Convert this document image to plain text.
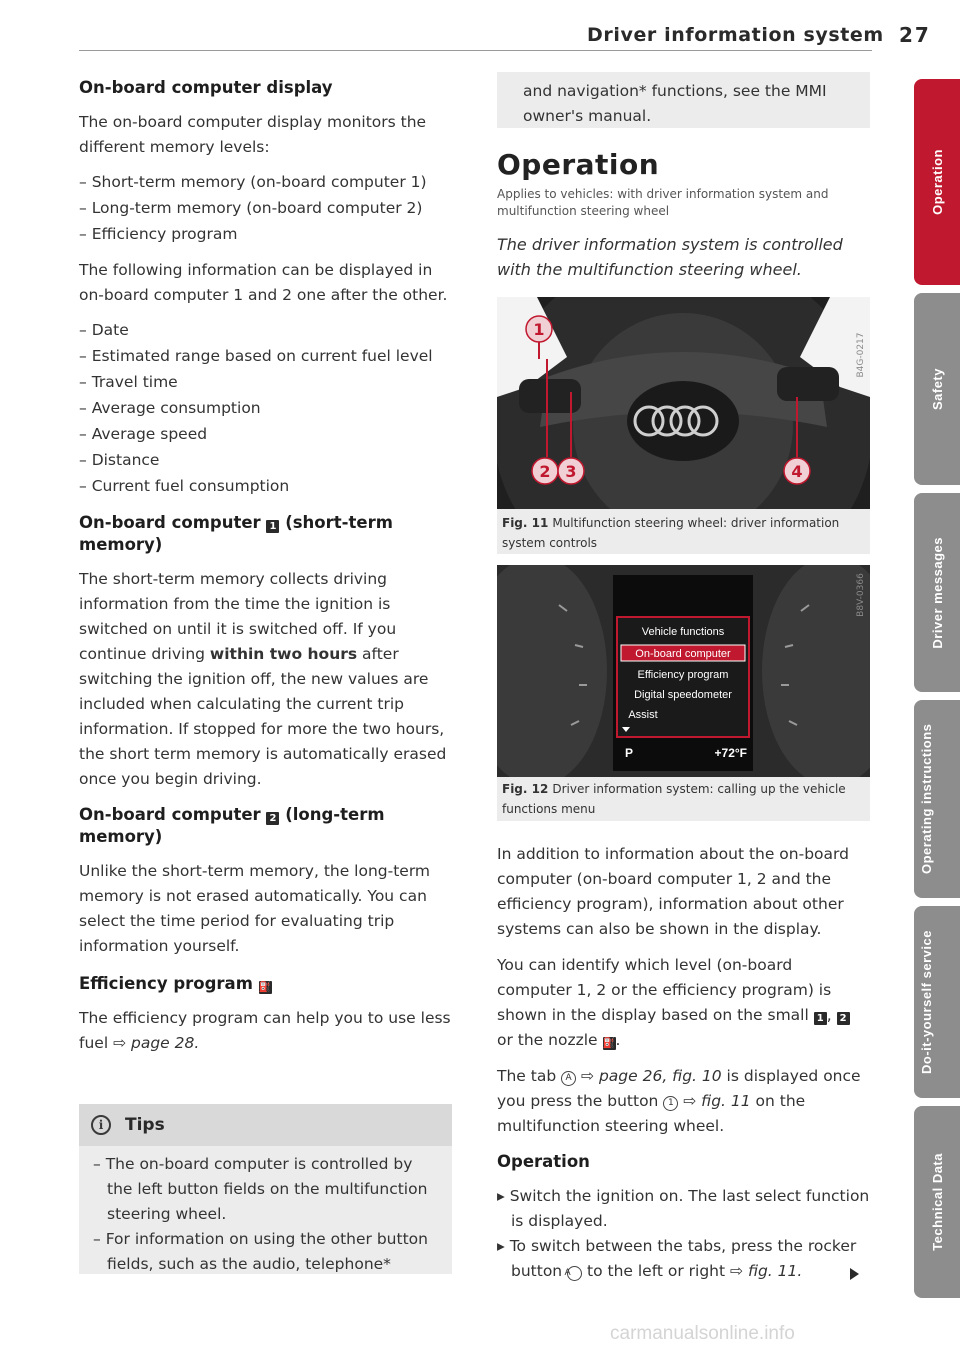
Driver information system 27
On-board computer display

The on-board computer display monitors the different memory levels:

– Short-term memory (on-board computer 1)
– Long-term memory (on-board computer 2)
– Efficiency program

The following information can be displayed in on-board computer 1 and 2 one after the other.

– Date
– Estimated range based on current fuel level
– Travel time
– Average consumption
– Average speed
– Distance
– Current fuel consumption
On-board computer 1 (short-term memory)

The short-term memory collects driving information from the time the ignition is switched on until it is switched off. If you continue driving within two hours after switching the ignition off, the new values are included when calculating the current trip information. If stopped for more the two hours, the short term memory is automatically erased once you begin driving.

On-board computer 2 (long-term memory)

Unlike the short-term memory, the long-term memory is not erased automatically. You can select the time period for evaluating trip information yourself.

Efficiency program ⛽

The efficiency program can help you to use less fuel ⇨ page 28.

i	Tips
– The on-board computer is controlled by the left button fields on the multifunction steering wheel.
– For information on using the other button fields, such as the audio, telephone*
and navigation* functions, see the MMI owner's manual.
Operation
Applies to vehicles: with driver information system and multifunction steering wheel
The driver information system is controlled with the multifunction steering wheel.
1
2 3	4
B4G-0217
Fig. 11 Multifunction steering wheel: driver information system controls
Vehicle functions
On-board computer
Efficiency program
Digital speedometer
Assist
P	+72°F
B8V-0366
Fig. 12 Driver information system: calling up the vehicle functions menu

In addition to information about the on-board computer (on-board computer 1, 2 and the efficiency program), information about other systems can also be shown in the display.

You can identify which level (on-board computer 1, 2 or the efficiency program) is shown in the display based on the small 1 , 2 or the nozzle ⛽.

The tab A ⇨ page 26, fig. 10 is displayed once you press the button 1 ⇨ fig. 11 on the multifunction steering wheel.

Operation

▸ Switch the ignition on. The last select function is displayed.

▸ To switch between the tabs, press the rocker button A to the left or right ⇨ fig. 11.

Operation
Safety
Driver messages
Operating instructions
Do-it-yourself service
Technical Data
carmanualsonline.info
